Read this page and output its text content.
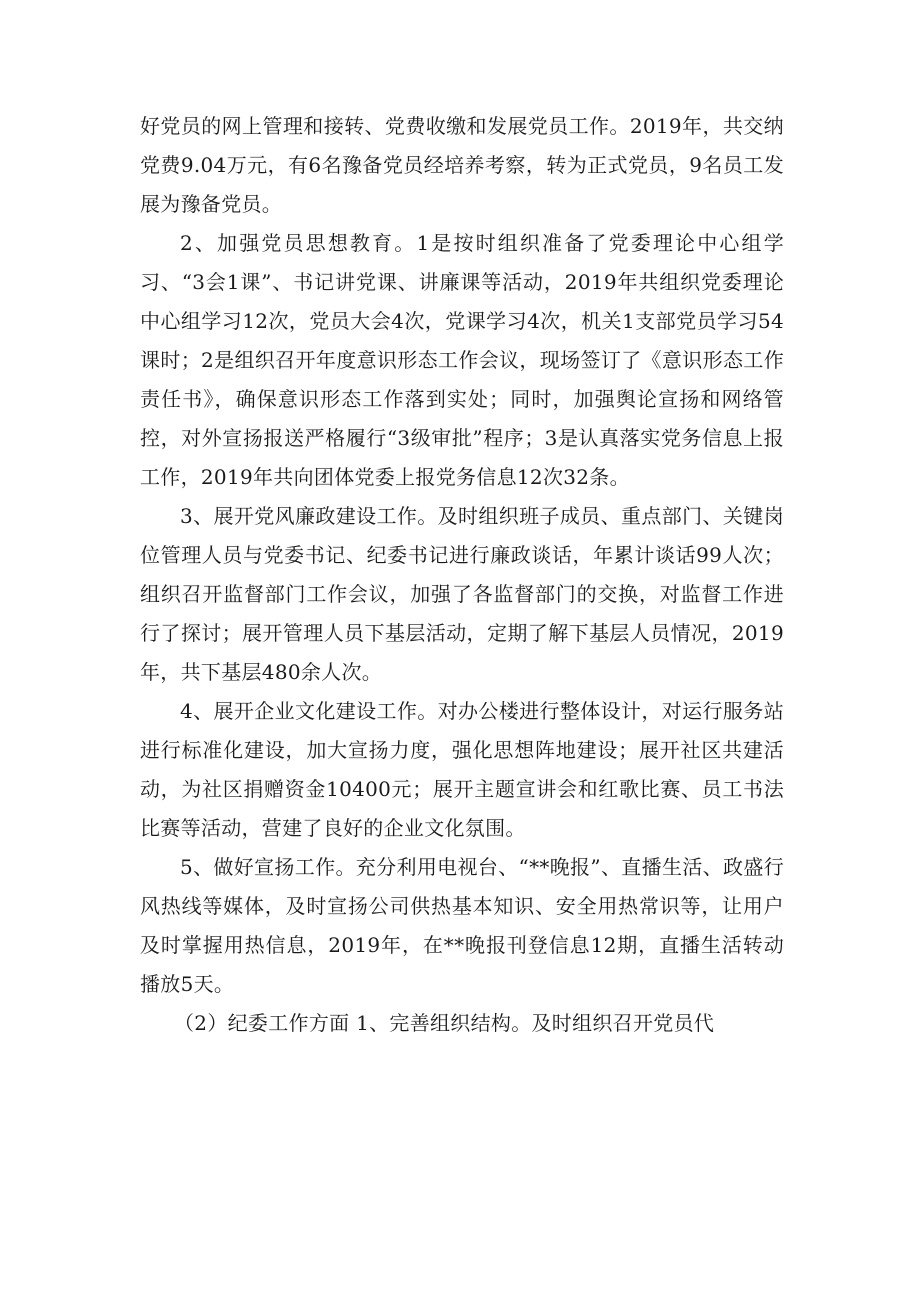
好党员的网上管理和接转、党费收缴和发展党员工作。2019年，共交纳党费9.04万元，有6名豫备党员经培养考察，转为正式党员，9名员工发展为豫备党员。

2、加强党员思想教育。1是按时组织准备了党委理论中心组学习、“3会1课”、书记讲党课、讲廉课等活动，2019年共组织党委理论中心组学习12次，党员大会4次，党课学习4次，机关1支部党员学习54课时；2是组织召开年度意识形态工作会议，现场签订了《意识形态工作责任书》，确保意识形态工作落到实处；同时，加强舆论宣扬和网络管控，对外宣扬报送严格履行“3级审批”程序；3是认真落实党务信息上报工作，2019年共向团体党委上报党务信息12次32条。

3、展开党风廉政建设工作。及时组织班子成员、重点部门、关键岗位管理人员与党委书记、纪委书记进行廉政谈话，年累计谈话99人次；组织召开监督部门工作会议，加强了各监督部门的交换，对监督工作进行了探讨；展开管理人员下基层活动，定期了解下基层人员情况，2019年，共下基层480余人次。

4、展开企业文化建设工作。对办公楼进行整体设计，对运行服务站进行标准化建设，加大宣扬力度，强化思想阵地建设；展开社区共建活动，为社区捐赠资金10400元；展开主题宣讲会和红歌比赛、员工书法比赛等活动，营建了良好的企业文化氛围。

5、做好宣扬工作。充分利用电视台、“**晚报”、直播生活、政盛行风热线等媒体，及时宣扬公司供热基本知识、安全用热常识等，让用户及时掌握用热信息，2019年，在**晚报刊登信息12期，直播生活转动播放5天。

（2）纪委工作方面 1、完善组织结构。及时组织召开党员代
